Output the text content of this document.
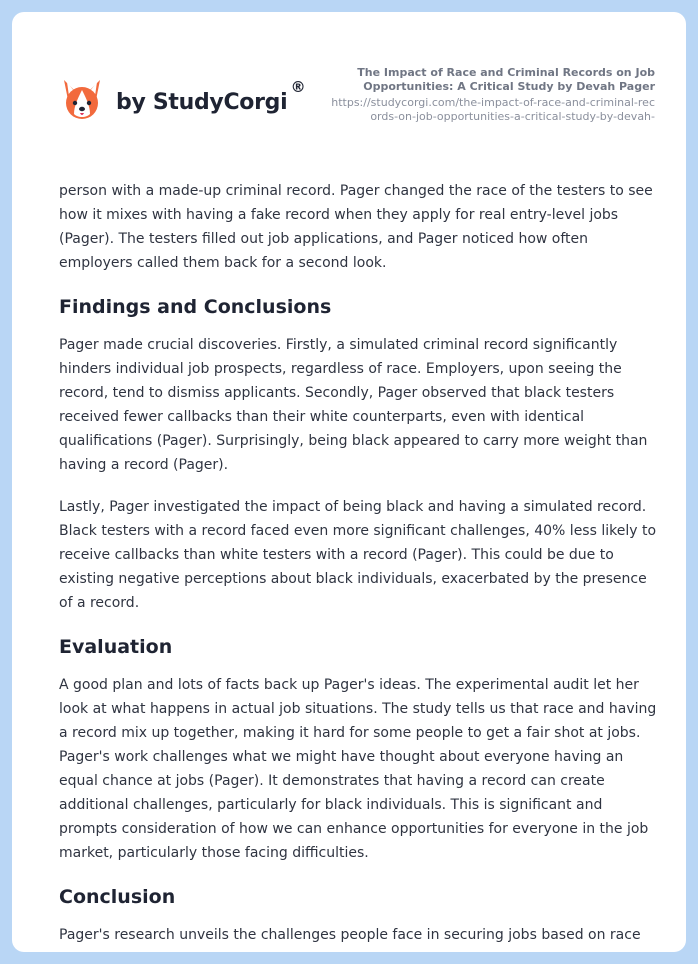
by StudyCorgi
®
The Impact of Race and Criminal Records on Job Opportunities: A Critical Study by Devah Pager
https://studycorgi.com/the-impact-of-race-and-criminal-records-on-job-opportunities-a-critical-study-by-devah-

person with a made-up criminal record. Pager changed the race of the testers to see how it mixes with having a fake record when they apply for real entry-level jobs (Pager). The testers filled out job applications, and Pager noticed how often employers called them back for a second look.

Findings and Conclusions

Pager made crucial discoveries. Firstly, a simulated criminal record significantly hinders individual job prospects, regardless of race. Employers, upon seeing the record, tend to dismiss applicants. Secondly, Pager observed that black testers received fewer callbacks than their white counterparts, even with identical qualifications (Pager). Surprisingly, being black appeared to carry more weight than having a record (Pager).

Lastly, Pager investigated the impact of being black and having a simulated record. Black testers with a record faced even more significant challenges, 40% less likely to receive callbacks than white testers with a record (Pager). This could be due to existing negative perceptions about black individuals, exacerbated by the presence of a record.

Evaluation

A good plan and lots of facts back up Pager's ideas. The experimental audit let her look at what happens in actual job situations. The study tells us that race and having a record mix up together, making it hard for some people to get a fair shot at jobs. Pager's work challenges what we might have thought about everyone having an equal chance at jobs (Pager). It demonstrates that having a record can create additional challenges, particularly for black individuals. This is significant and prompts consideration of how we can enhance opportunities for everyone in the job market, particularly those facing difficulties.

Conclusion

Pager's research unveils the challenges people face in securing jobs based on race
